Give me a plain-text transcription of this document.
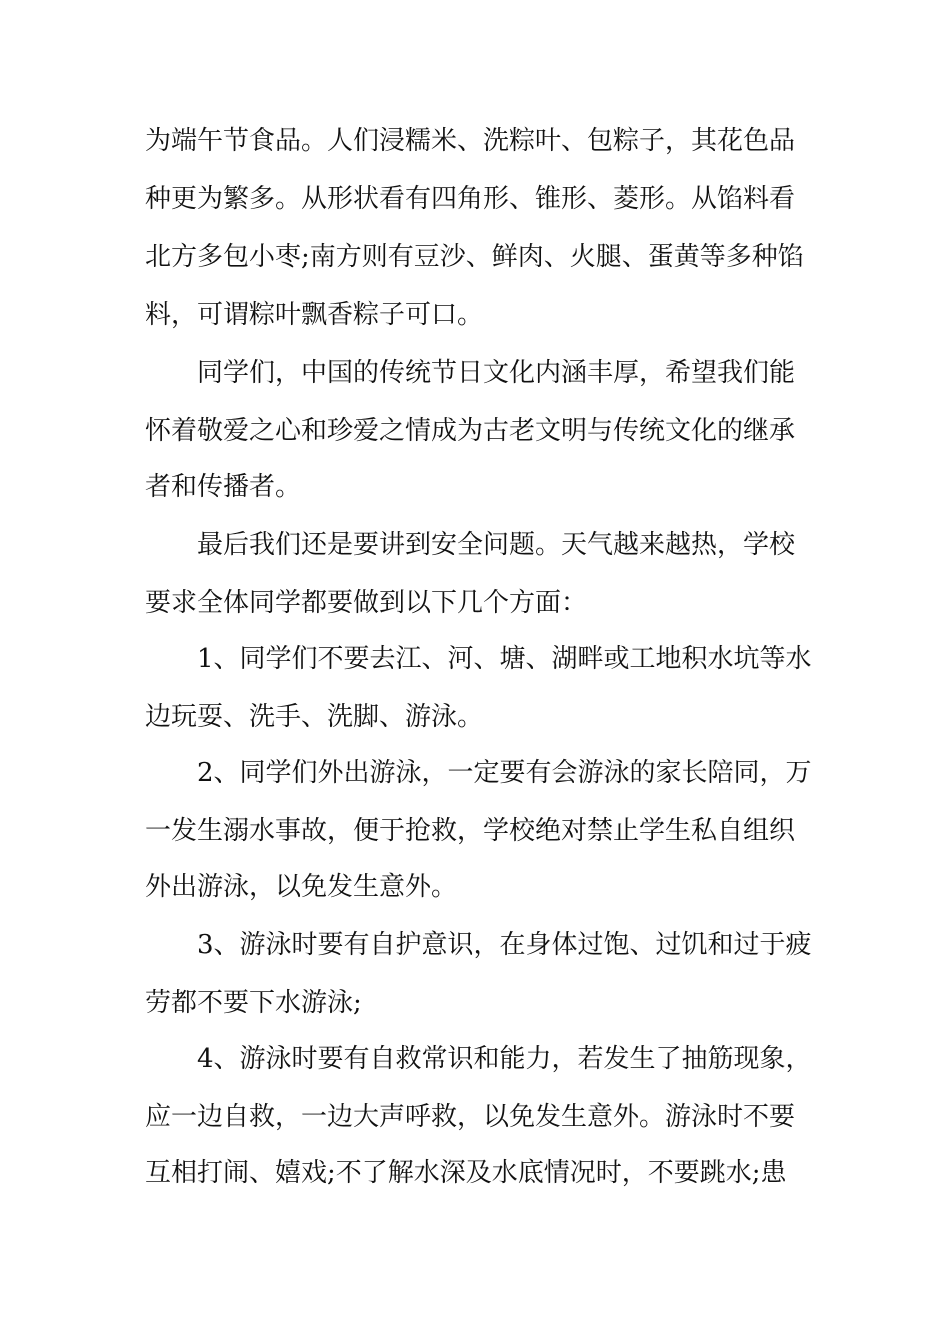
为端午节食品。人们浸糯米、洗粽叶、包粽子，其花色品
种更为繁多。从形状看有四角形、锥形、菱形。从馅料看
北方多包小枣;南方则有豆沙、鲜肉、火腿、蛋黄等多种馅
料，可谓粽叶飘香粽子可口。
同学们，中国的传统节日文化内涵丰厚，希望我们能
怀着敬爱之心和珍爱之情成为古老文明与传统文化的继承
者和传播者。
最后我们还是要讲到安全问题。天气越来越热，学校
要求全体同学都要做到以下几个方面：
1、同学们不要去江、河、塘、湖畔或工地积水坑等水
边玩耍、洗手、洗脚、游泳。
2、同学们外出游泳，一定要有会游泳的家长陪同，万
一发生溺水事故，便于抢救，学校绝对禁止学生私自组织
外出游泳，以免发生意外。
3、游泳时要有自护意识，在身体过饱、过饥和过于疲
劳都不要下水游泳;
4、游泳时要有自救常识和能力，若发生了抽筋现象，
应一边自救，一边大声呼救，以免发生意外。游泳时不要
互相打闹、嬉戏;不了解水深及水底情况时，不要跳水;患
